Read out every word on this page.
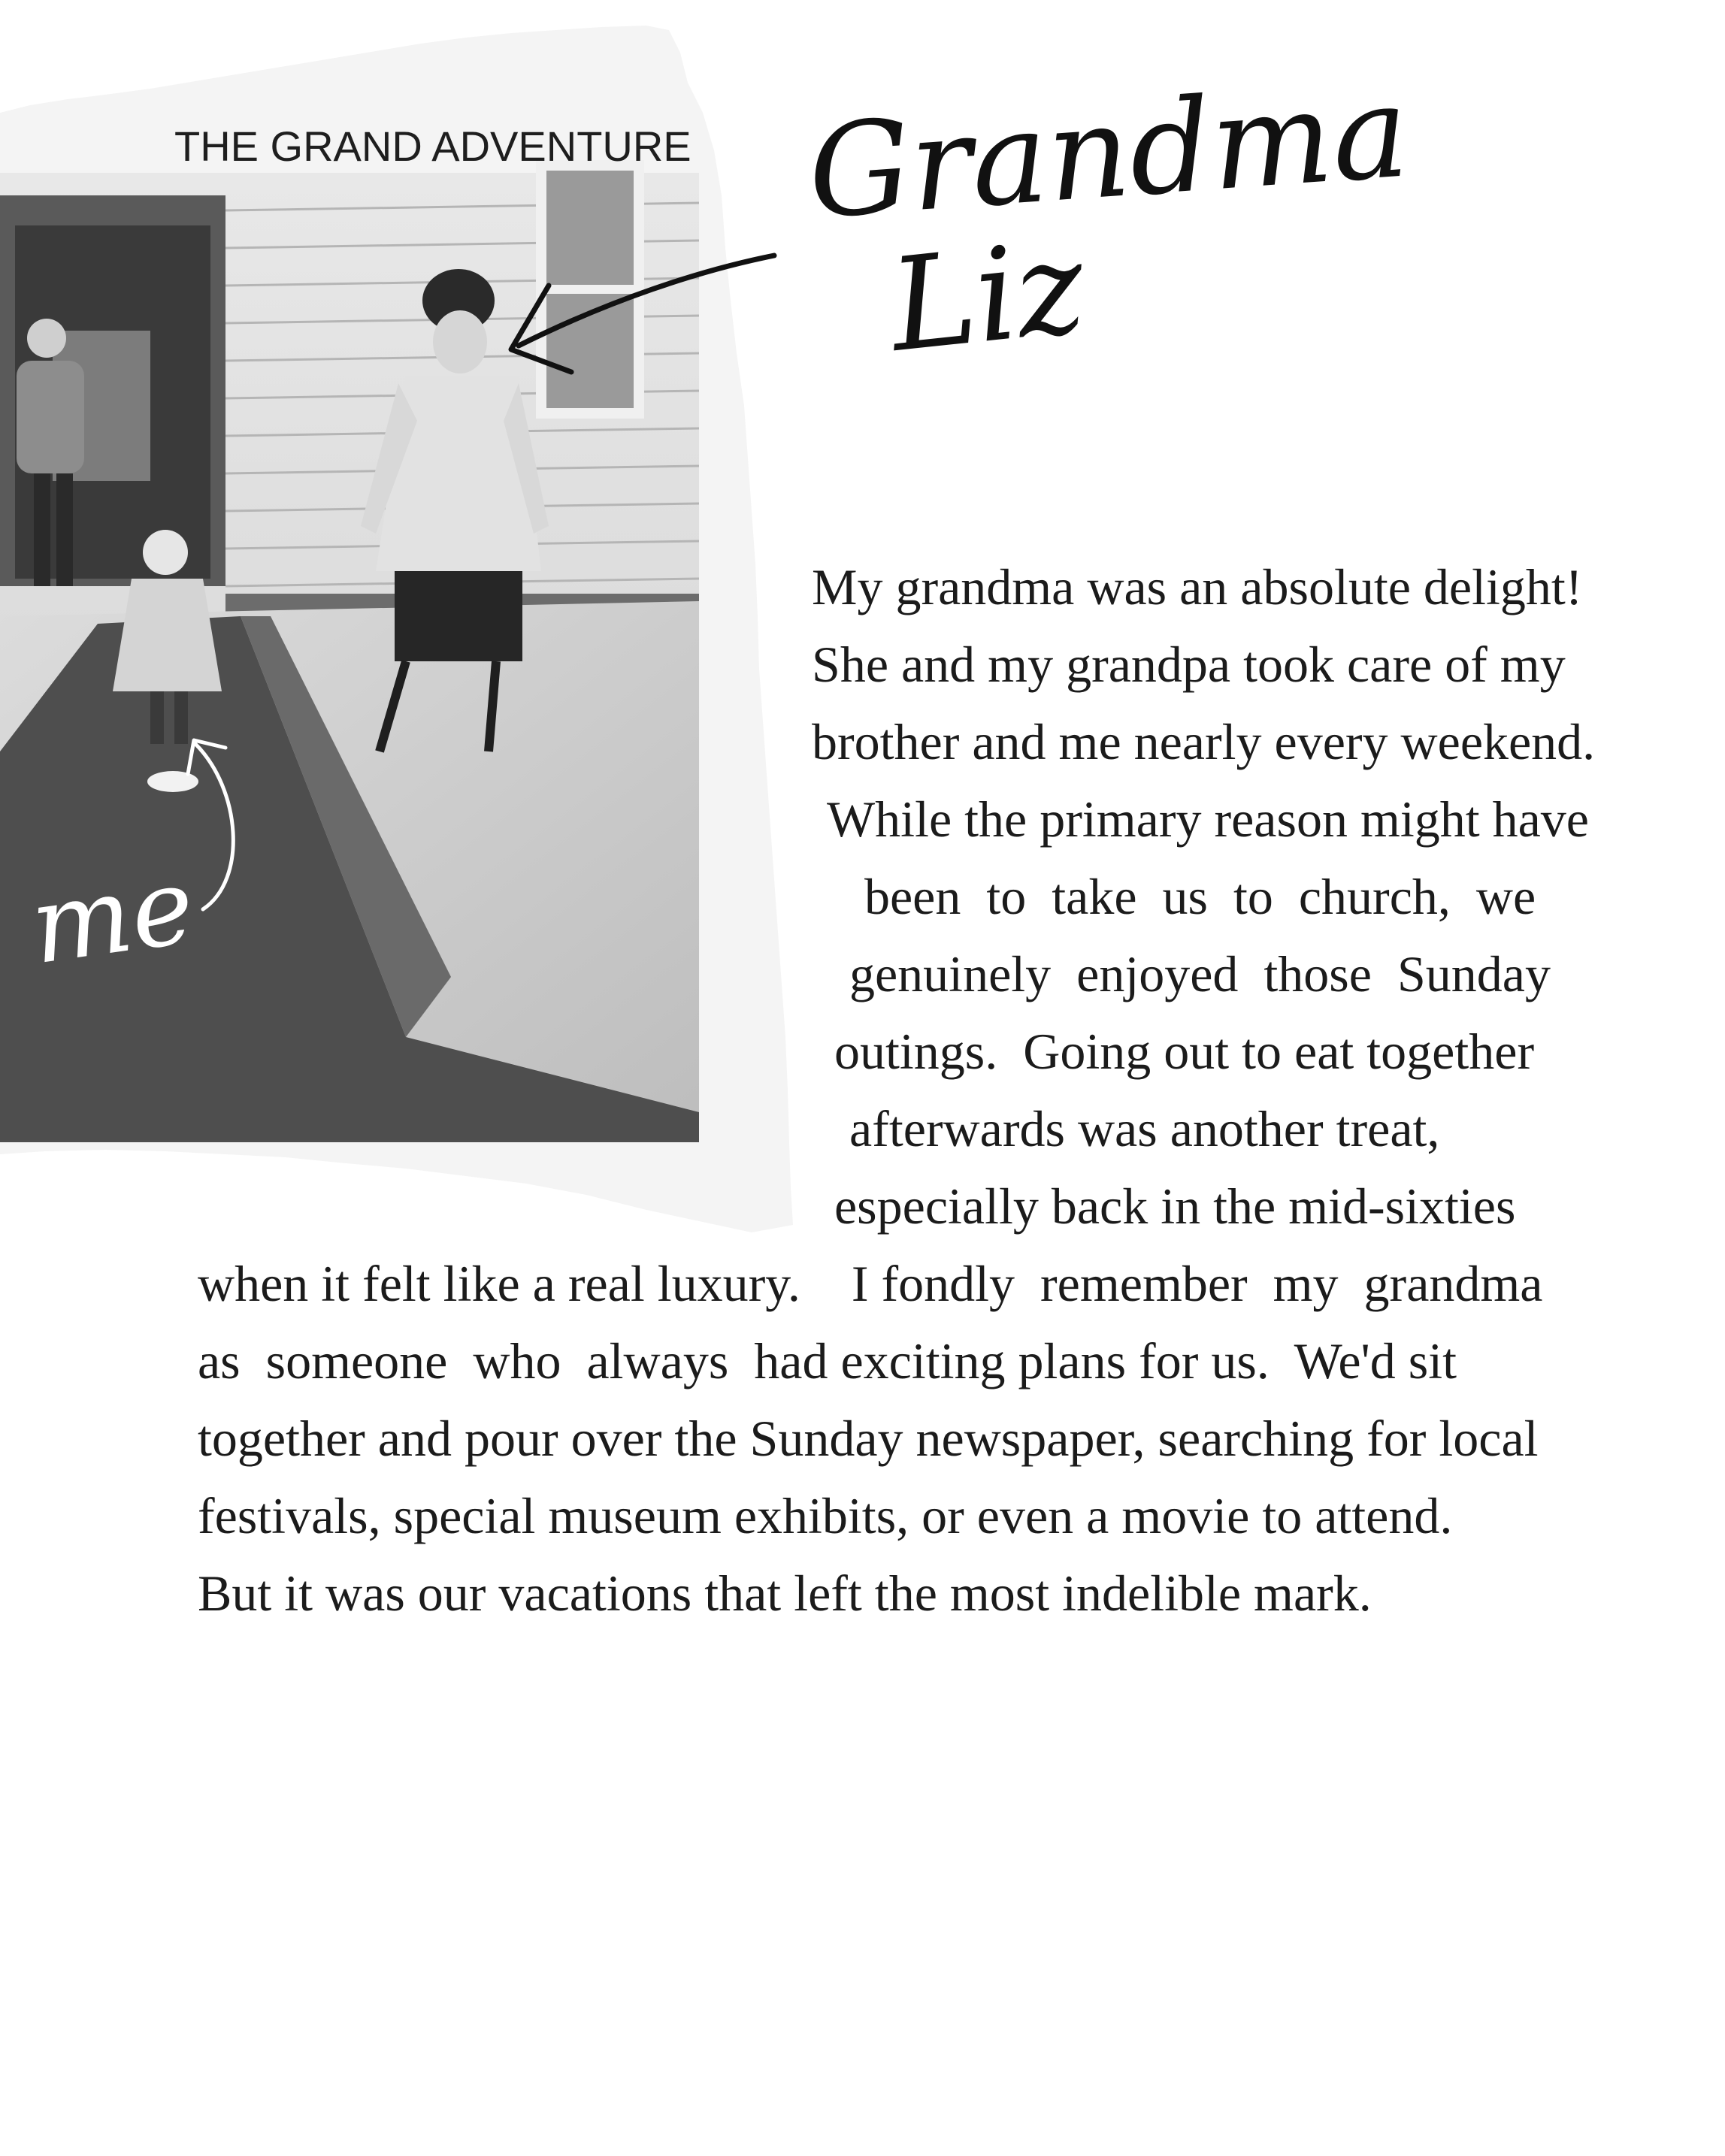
THE GRAND ADVENTURE Grandma
Liz
me
My grandma was an absolute delight!
She and my grandpa took care of my
brother and me nearly every weekend.
While the primary reason might have
been  to  take  us  to  church,  we
genuinely  enjoyed  those  Sunday
outings.  Going out to eat together
afterwards was another treat,
especially back in the mid-sixties
when it felt like a real luxury.    I fondly  remember  my  grandma
as  someone  who  always  had exciting plans for us.  We'd sit
together and pour over the Sunday newspaper, searching for local
festivals, special museum exhibits, or even a movie to attend.
But it was our vacations that left the most indelible mark.
